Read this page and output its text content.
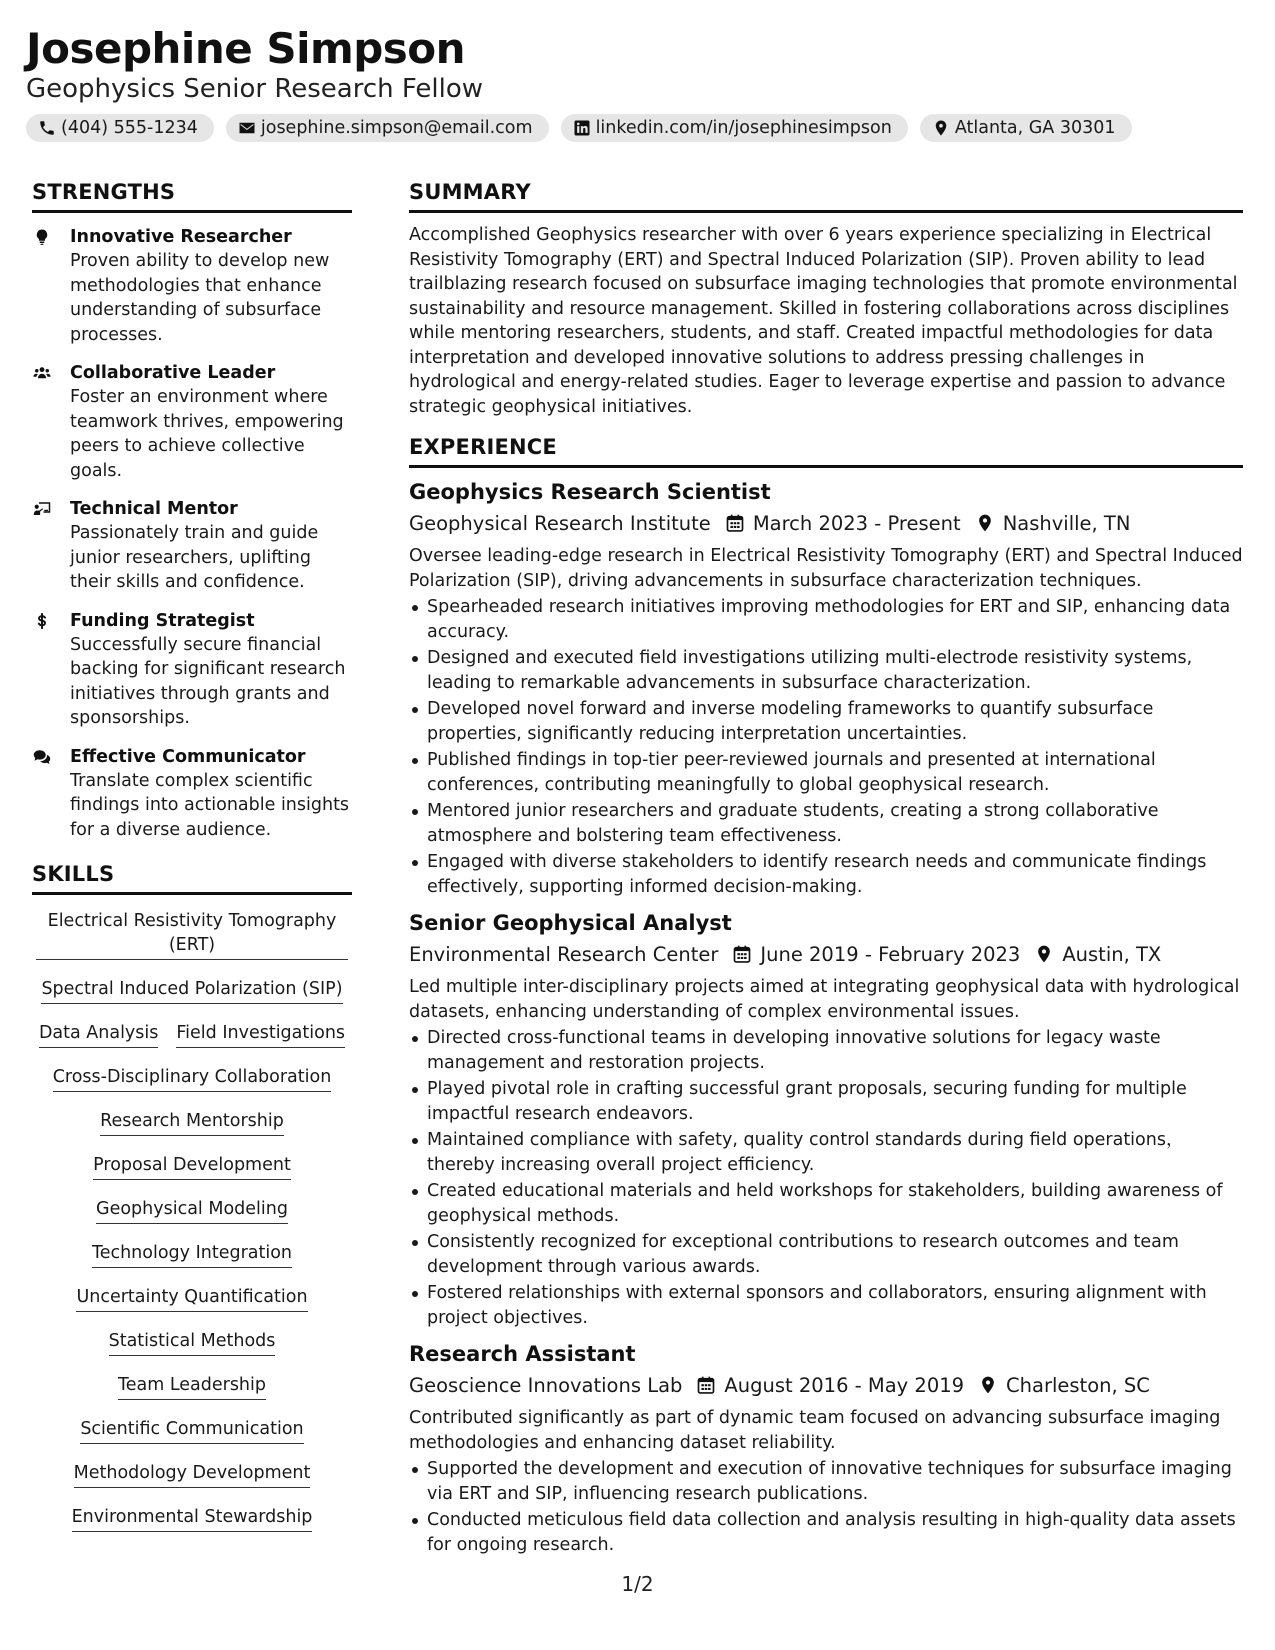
Josephine Simpson
Geophysics Senior Research Fellow
(404) 555-1234	josephine.simpson@email.com	linkedin.com/in/josephinesimpson	Atlanta, GA 30301
STRENGTHS
Innovative Researcher
Proven ability to develop new methodologies that enhance understanding of subsurface processes.
Collaborative Leader
Foster an environment where teamwork thrives, empowering peers to achieve collective goals.
Technical Mentor
Passionately train and guide junior researchers, uplifting their skills and confidence.
Funding Strategist
Successfully secure financial backing for significant research initiatives through grants and sponsorships.
Effective Communicator
Translate complex scientific findings into actionable insights for a diverse audience.
SKILLS
Electrical Resistivity Tomography (ERT)
Spectral Induced Polarization (SIP)
Data Analysis Field Investigations
Cross-Disciplinary Collaboration
Research Mentorship
Proposal Development
Geophysical Modeling
Technology Integration
Uncertainty Quantification
Statistical Methods
Team Leadership
Scientific Communication
Methodology Development
Environmental Stewardship
SUMMARY
Accomplished Geophysics researcher with over 6 years experience specializing in Electrical Resistivity Tomography (ERT) and Spectral Induced Polarization (SIP). Proven ability to lead trailblazing research focused on subsurface imaging technologies that promote environmental sustainability and resource management. Skilled in fostering collaborations across disciplines while mentoring researchers, students, and staff. Created impactful methodologies for data interpretation and developed innovative solutions to address pressing challenges in hydrological and energy-related studies. Eager to leverage expertise and passion to advance strategic geophysical initiatives.
EXPERIENCE
Geophysics Research Scientist
Geophysical Research Institute March 2023 - Present Nashville, TN
Oversee leading-edge research in Electrical Resistivity Tomography (ERT) and Spectral Induced Polarization (SIP), driving advancements in subsurface characterization techniques.
Spearheaded research initiatives improving methodologies for ERT and SIP, enhancing data accuracy.
Designed and executed field investigations utilizing multi-electrode resistivity systems, leading to remarkable advancements in subsurface characterization.
Developed novel forward and inverse modeling frameworks to quantify subsurface properties, significantly reducing interpretation uncertainties.
Published findings in top-tier peer-reviewed journals and presented at international conferences, contributing meaningfully to global geophysical research.
Mentored junior researchers and graduate students, creating a strong collaborative atmosphere and bolstering team effectiveness.
Engaged with diverse stakeholders to identify research needs and communicate findings effectively, supporting informed decision-making.
Senior Geophysical Analyst
Environmental Research Center June 2019 - February 2023 Austin, TX
Led multiple inter-disciplinary projects aimed at integrating geophysical data with hydrological datasets, enhancing understanding of complex environmental issues.
Directed cross-functional teams in developing innovative solutions for legacy waste management and restoration projects.
Played pivotal role in crafting successful grant proposals, securing funding for multiple impactful research endeavors.
Maintained compliance with safety, quality control standards during field operations， thereby increasing overall project efficiency.
Created educational materials and held workshops for stakeholders, building awareness of geophysical methods.
Consistently recognized for exceptional contributions to research outcomes and team development through various awards.
Fostered relationships with external sponsors and collaborators, ensuring alignment with project objectives.
Research Assistant
Geoscience Innovations Lab August 2016 - May 2019 Charleston, SC
Contributed significantly as part of dynamic team focused on advancing subsurface imaging methodologies and enhancing dataset reliability.
Supported the development and execution of innovative techniques for subsurface imaging via ERT and SIP, influencing research publications.
Conducted meticulous field data collection and analysis resulting in high-quality data assets for ongoing research.
1/2
